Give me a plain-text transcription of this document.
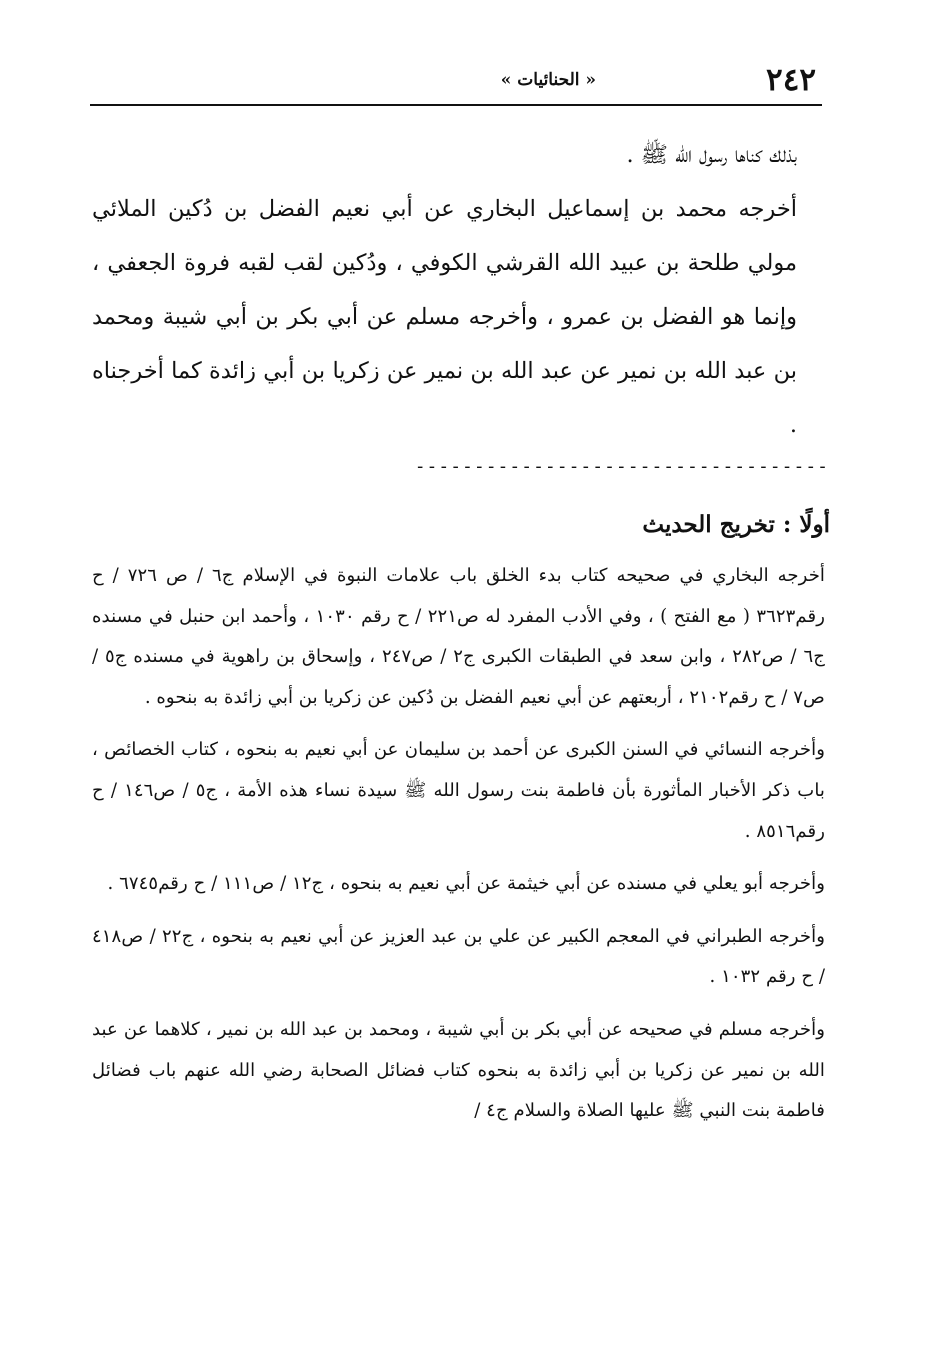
٢٤٢
« الحنائيات »

بذلك كناها رسول الله ﷺ .

أخرجه محمد بن إسماعيل البخاري عن أبي نعيم الفضل بن دُكين الملائي مولي طلحة بن عبيد الله القرشي الكوفي ، ودُكين لقب لقبه فروة الجعفي ، وإنما هو الفضل بن عمرو ، وأخرجه مسلم عن أبي بكر بن أبي شيبة ومحمد بن عبد الله بن نمير عن عبد الله بن نمير عن زكريا بن أبي زائدة كما أخرجناه .

-----------------------------------
أولًا : تخريج الحديث

أخرجه البخاري في صحيحه كتاب بدء الخلق باب علامات النبوة في الإسلام ج٦ / ص ٧٢٦ / ح رقم٣٦٢٣ ( مع الفتح ) ، وفي الأدب المفرد له ص٢٢١ / ح رقم ١٠٣٠ ، وأحمد ابن حنبل في مسنده ج٦ / ص٢٨٢ ، وابن سعد في الطبقات الكبرى ج٢ / ص٢٤٧ ، وإسحاق بن راهوية في مسنده ج٥ / ص٧ / ح رقم٢١٠٢ ، أربعتهم عن أبي نعيم الفضل بن دُكين عن زكريا بن أبي زائدة به بنحوه .

وأخرجه النسائي في السنن الكبرى عن أحمد بن سليمان عن أبي نعيم به بنحوه ، كتاب الخصائص ، باب ذكر الأخبار المأثورة بأن فاطمة بنت رسول الله ﷺ سيدة نساء هذه الأمة ، ج٥ / ص١٤٦ / ح رقم٨٥١٦ .

وأخرجه أبو يعلي في مسنده عن أبي خيثمة عن أبي نعيم به بنحوه ، ج١٢ / ص١١١ / ح رقم٦٧٤٥ .

وأخرجه الطبراني في المعجم الكبير عن علي بن عبد العزيز عن أبي نعيم به بنحوه ، ج٢٢ / ص٤١٨ / ح رقم ١٠٣٢ .

وأخرجه مسلم في صحيحه عن أبي بكر بن أبي شيبة ، ومحمد بن عبد الله بن نمير ، كلاهما عن عبد الله بن نمير عن زكريا بن أبي زائدة به بنحوه كتاب فضائل الصحابة رضي الله عنهم باب فضائل فاطمة بنت النبي ﷺ عليها الصلاة والسلام ج٤ /
